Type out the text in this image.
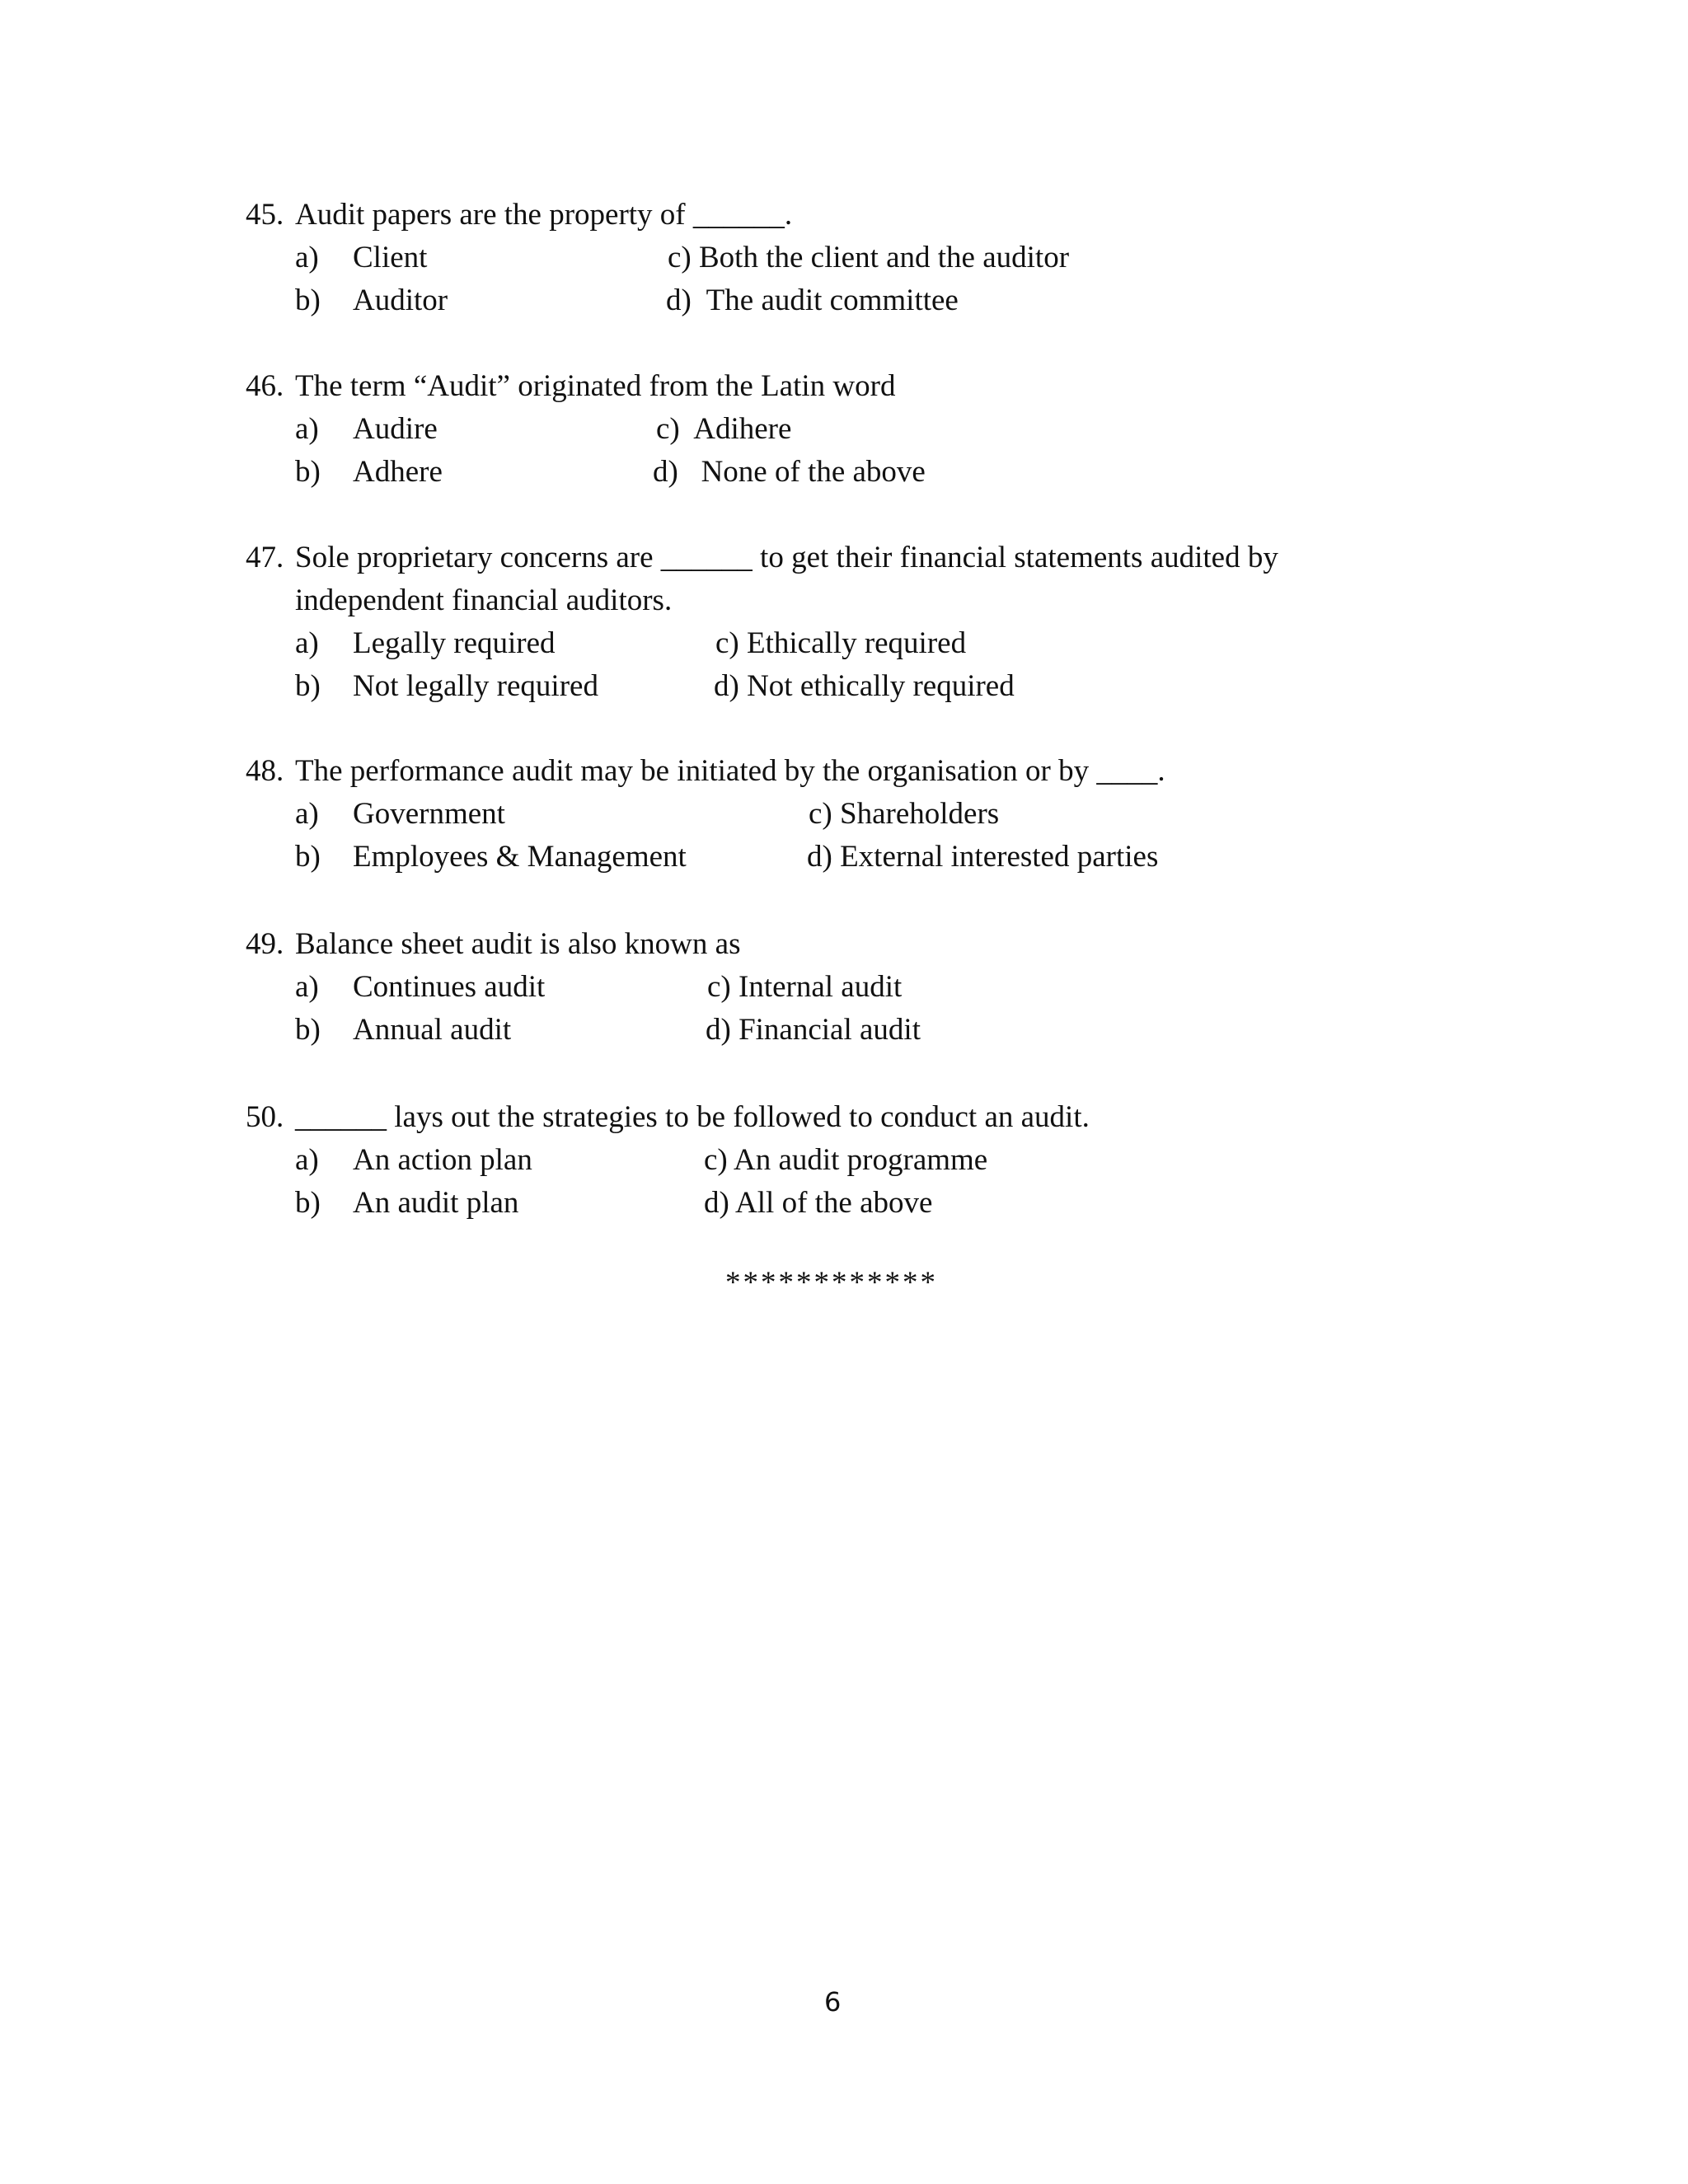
45. Audit papers are the property of ______.
a) Client	c) Both the client and the auditor
b) Auditor	d) The audit committee
46. The term “Audit” originated from the Latin word
a) Audire	c) Adihere
b) Adhere	d) None of the above
47. Sole proprietary concerns are ______ to get their financial statements audited by
independent financial auditors.
a) Legally required	c) Ethically required
b) Not legally required	d) Not ethically required
48. The performance audit may be initiated by the organisation or by ____.
a) Government	c) Shareholders
b) Employees & Management	d) External interested parties
49. Balance sheet audit is also known as
a) Continues audit	c) Internal audit
b) Annual audit	d) Financial audit
50. ______ lays out the strategies to be followed to conduct an audit.
a) An action plan	c) An audit programme
b) An audit plan	d) All of the above
************
6
